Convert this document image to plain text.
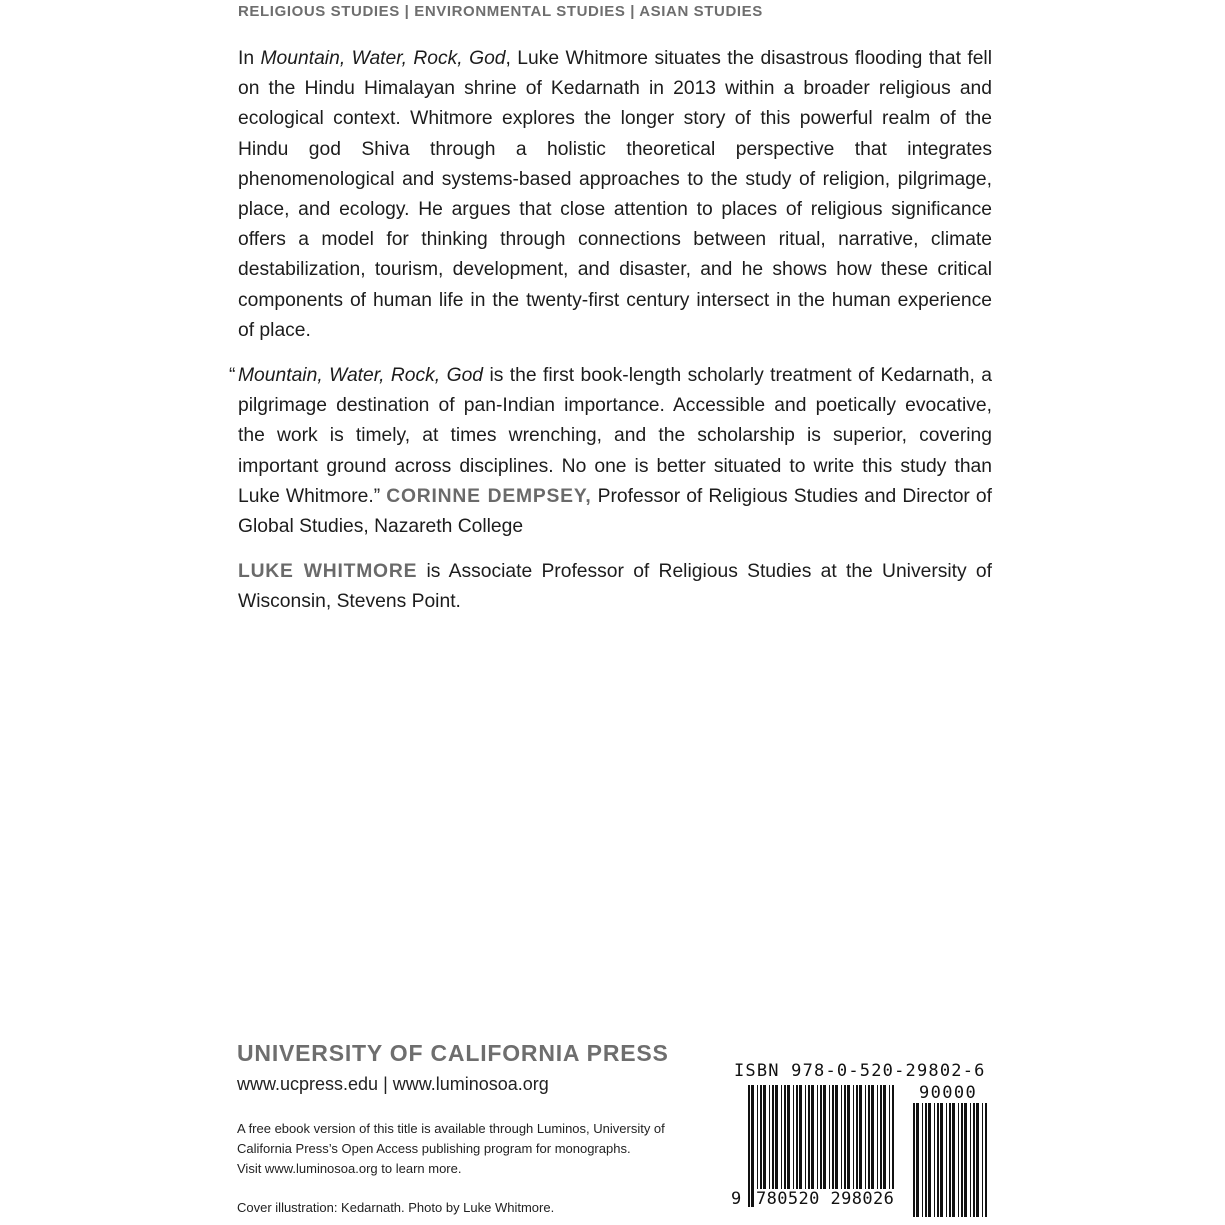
RELIGIOUS STUDIES | ENVIRONMENTAL STUDIES | ASIAN STUDIES

In Mountain, Water, Rock, God, Luke Whitmore situates the disastrous flooding that fell on the Hindu Himalayan shrine of Kedarnath in 2013 within a broader religious and ecological context. Whitmore explores the longer story of this powerful realm of the Hindu god Shiva through a holistic theoretical perspective that integrates phenomenological and systems-based approaches to the study of religion, pilgrimage, place, and ecology. He argues that close attention to places of religious significance offers a model for thinking through connections between ritual, narrative, climate destabilization, tourism, development, and disaster, and he shows how these critical components of human life in the twenty-first century intersect in the human experience of place.

“ Mountain, Water, Rock, God is the first book-length scholarly treatment of Kedarnath, a pilgrimage destination of pan-Indian importance. Accessible and poetically evocative, the work is timely, at times wrenching, and the scholarship is superior, covering important ground across disciplines. No one is better situated to write this study than Luke Whitmore.” CORINNE DEMPSEY, Professor of Religious Studies and Director of Global Studies, Nazareth College

LUKE WHITMORE is Associate Professor of Religious Studies at the University of Wisconsin, Stevens Point.

UNIVERSITY OF CALIFORNIA PRESS
www.ucpress.edu | www.luminosoa.org
A free ebook version of this title is available through Luminos, University of
California Press’s Open Access publishing program for monographs.
Visit www.luminosoa.org to learn more.
Cover illustration: Kedarnath. Photo by Luke Whitmore.
ISBN 978-0-520-29802-6
90000
9 780520 298026
